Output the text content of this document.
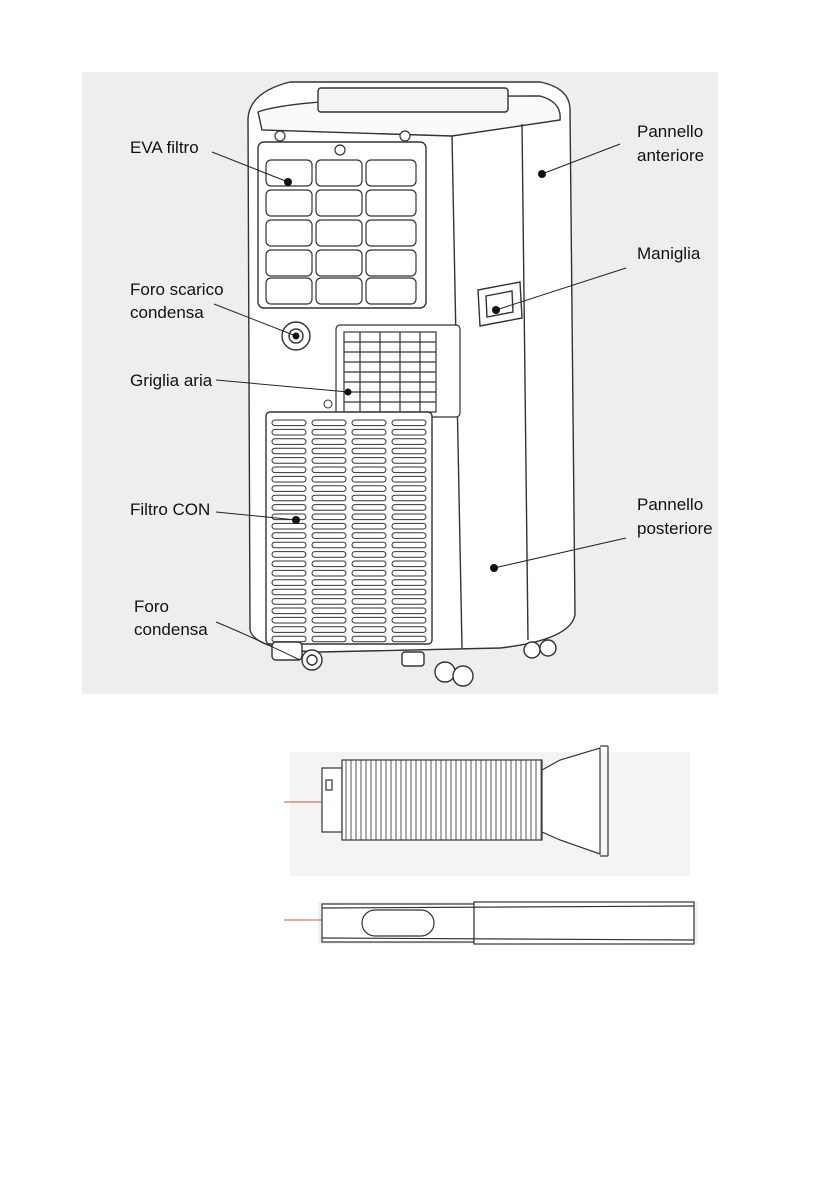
EVA filtro
Foro scarico
condensa
Griglia aria
Filtro CON
Foro
condensa
Pannello
anteriore
Maniglia
Pannello
posteriore
